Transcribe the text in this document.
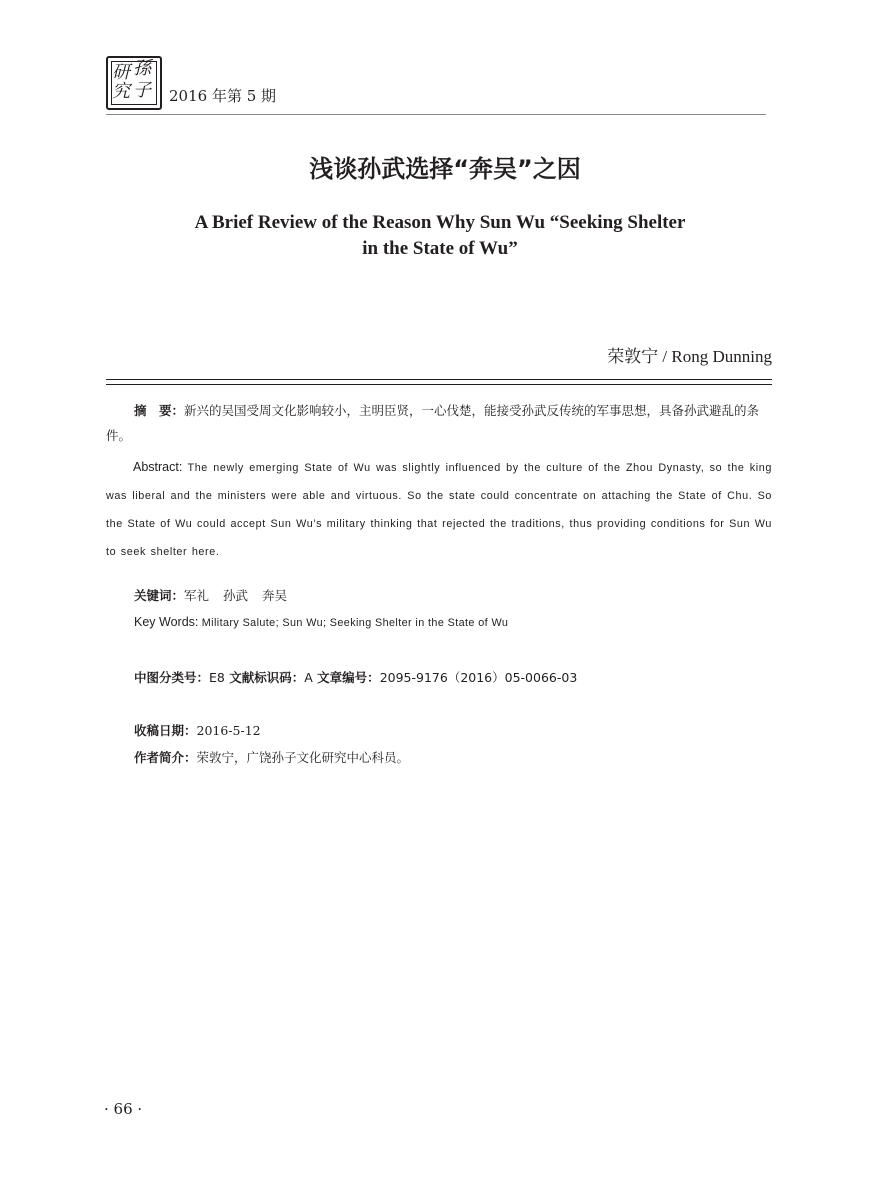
研 孫
究 子 2016 年第 5 期
浅谈孙武选择“奔吴”之因
A Brief Review of the Reason Why Sun Wu “Seeking Shelter
in the State of Wu”
荣敦宁 / Rong Dunning
摘　要：新兴的吴国受周文化影响较小，主明臣贤，一心伐楚，能接受孙武反传统的军事思想，具备孙武避乱的条件。
Abstract: The newly emerging State of Wu was slightly influenced by the culture of the Zhou Dynasty, so the king was liberal and the ministers were able and virtuous. So the state could concentrate on attaching the State of Chu. So the State of Wu could accept Sun Wu’s military thinking that rejected the traditions, thus providing conditions for Sun Wu to seek shelter here.
关键词：军礼 孙武 奔吴
Key Words: Military Salute; Sun Wu; Seeking Shelter in the State of Wu
中图分类号：E8 文献标识码：A 文章编号：2095-9176（2016）05-0066-03
收稿日期：2016-5-12
作者简介：荣敦宁，广饶孙子文化研究中心科员。
· 66 ·
